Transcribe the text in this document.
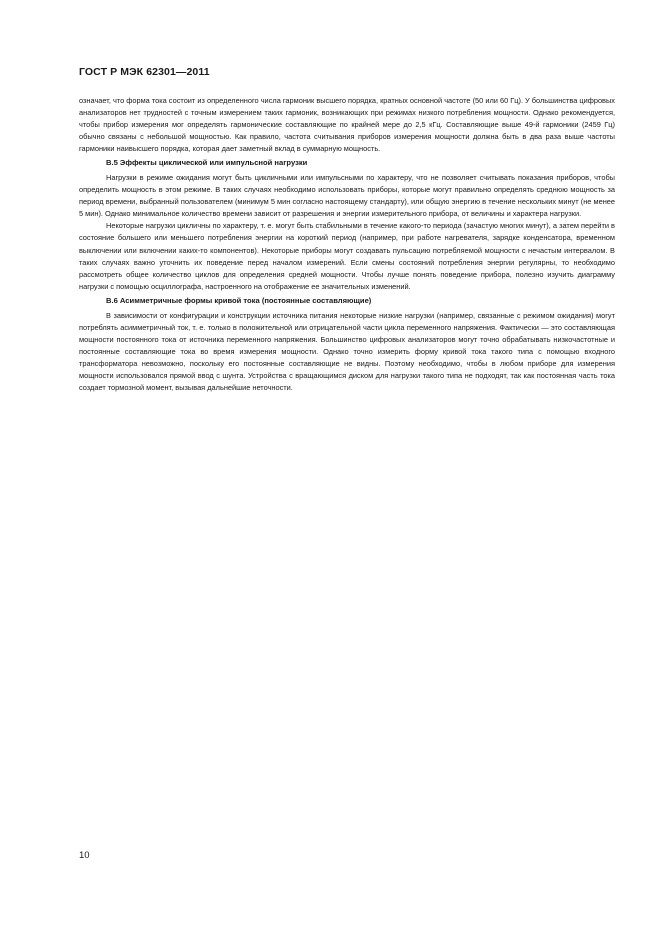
ГОСТ Р МЭК 62301—2011

означает, что форма тока состоит из определенного числа гармоник высшего порядка, кратных основной частоте (50 или 60 Гц). У большинства цифровых анализаторов нет трудностей с точным измерением таких гармоник, возникающих при режимах низкого потребления мощности. Однако рекомендуется, чтобы прибор измерения мог определять гармонические составляющие по крайней мере до 2,5 кГц. Составляющие выше 49-й гармоники (2459 Гц) обычно связаны с небольшой мощностью. Как правило, частота считывания приборов измерения мощности должна быть в два раза выше частоты гармоники наивысшего порядка, которая дает заметный вклад в суммарную мощность.

В.5 Эффекты циклической или импульсной нагрузки

Нагрузки в режиме ожидания могут быть цикличными или импульсными по характеру, что не позволяет считывать показания приборов, чтобы определить мощность в этом режиме. В таких случаях необходимо использовать приборы, которые могут правильно определять среднюю мощность за период времени, выбранный пользователем (минимум 5 мин согласно настоящему стандарту), или общую энергию в течение нескольких минут (не менее 5 мин). Однако минимальное количество времени зависит от разрешения и энергии измерительного прибора, от величины и характера нагрузки.

Некоторые нагрузки цикличны по характеру, т. е. могут быть стабильными в течение какого-то периода (зачастую многих минут), а затем перейти в состояние большего или меньшего потребления энергии на короткий период (например, при работе нагревателя, зарядке конденсатора, временном выключении или включении каких-то компонентов). Некоторые приборы могут создавать пульсацию потребляемой мощности с нечастым интервалом. В таких случаях важно уточнить их поведение перед началом измерений. Если смены состояний потребления энергии регулярны, то необходимо рассмотреть общее количество циклов для определения средней мощности. Чтобы лучше понять поведение прибора, полезно изучить диаграмму нагрузки с помощью осциллографа, настроенного на отображение ее значительных изменений.

В.6 Асимметричные формы кривой тока (постоянные составляющие)

В зависимости от конфигурации и конструкции источника питания некоторые низкие нагрузки (например, связанные с режимом ожидания) могут потреблять асимметричный ток, т. е. только в положительной или отрицательной части цикла переменного напряжения. Фактически — это составляющая мощности постоянного тока от источника переменного напряжения. Большинство цифровых анализаторов могут точно обрабатывать низкочастотные и постоянные составляющие тока во время измерения мощности. Однако точно измерить форму кривой тока такого типа с помощью входного трансформатора невозможно, поскольку его постоянные составляющие не видны. Поэтому необходимо, чтобы в любом приборе для измерения мощности использовался прямой ввод с шунта. Устройства с вращающимся диском для нагрузки такого типа не подходят, так как постоянная часть тока создает тормозной момент, вызывая дальнейшие неточности.

10
